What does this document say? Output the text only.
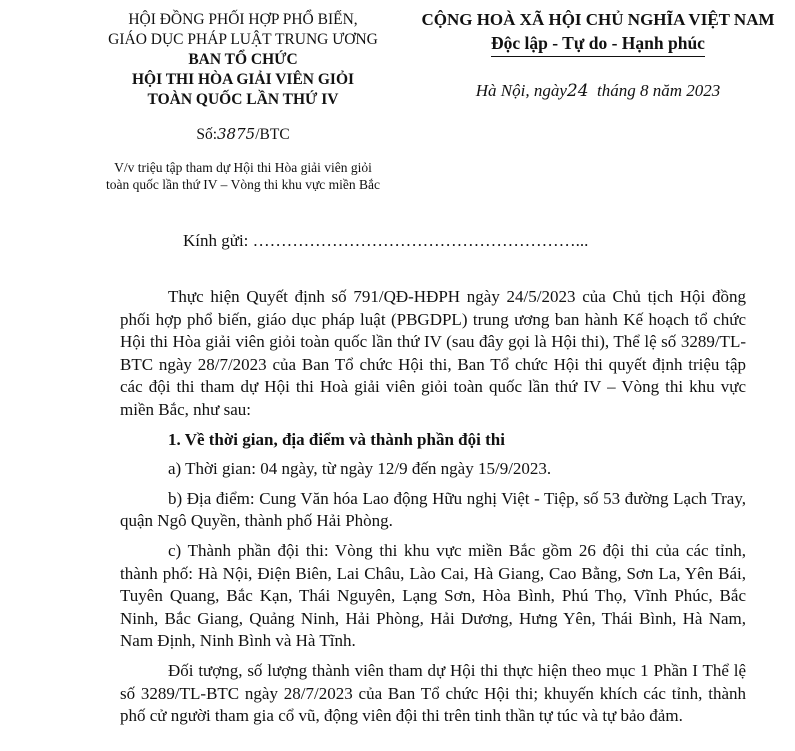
HỘI ĐỒNG PHỐI HỢP PHỔ BIẾN,
GIÁO DỤC PHÁP LUẬT TRUNG ƯƠNG
BAN TỔ CHỨC
HỘI THI HÒA GIẢI VIÊN GIỎI
TOÀN QUỐC LẦN THỨ IV
Số:3875/BTC
V/v triệu tập tham dự Hội thi Hòa giải viên giỏi
toàn quốc lần thứ IV – Vòng thi khu vực miền Bắc
CỘNG HOÀ XÃ HỘI CHỦ NGHĨA VIỆT NAM
Độc lập - Tự do - Hạnh phúc
Hà Nội, ngày24 tháng 8 năm 2023
Kính gửi: …………………………………………………...

Thực hiện Quyết định số 791/QĐ-HĐPH ngày 24/5/2023 của Chủ tịch Hội đồng phối hợp phổ biến, giáo dục pháp luật (PBGDPL) trung ương ban hành Kế hoạch tổ chức Hội thi Hòa giải viên giỏi toàn quốc lần thứ IV (sau đây gọi là Hội thi), Thể lệ số 3289/TL-BTC ngày 28/7/2023 của Ban Tổ chức Hội thi, Ban Tổ chức Hội thi quyết định triệu tập các đội thi tham dự Hội thi Hoà giải viên giỏi toàn quốc lần thứ IV – Vòng thi khu vực miền Bắc, như sau:

1. Về thời gian, địa điểm và thành phần đội thi

a) Thời gian: 04 ngày, từ ngày 12/9 đến ngày 15/9/2023.

b) Địa điểm: Cung Văn hóa Lao động Hữu nghị Việt - Tiệp, số 53 đường Lạch Tray, quận Ngô Quyền, thành phố Hải Phòng.

c) Thành phần đội thi: Vòng thi khu vực miền Bắc gồm 26 đội thi của các tỉnh, thành phố: Hà Nội, Điện Biên, Lai Châu, Lào Cai, Hà Giang, Cao Bằng, Sơn La, Yên Bái, Tuyên Quang, Bắc Kạn, Thái Nguyên, Lạng Sơn, Hòa Bình, Phú Thọ, Vĩnh Phúc, Bắc Ninh, Bắc Giang, Quảng Ninh, Hải Phòng, Hải Dương, Hưng Yên, Thái Bình, Hà Nam, Nam Định, Ninh Bình và Hà Tĩnh.

Đối tượng, số lượng thành viên tham dự Hội thi thực hiện theo mục 1 Phần I Thể lệ số 3289/TL-BTC ngày 28/7/2023 của Ban Tổ chức Hội thi; khuyến khích các tỉnh, thành phố cử người tham gia cổ vũ, động viên đội thi trên tinh thần tự túc và tự bảo đảm.
